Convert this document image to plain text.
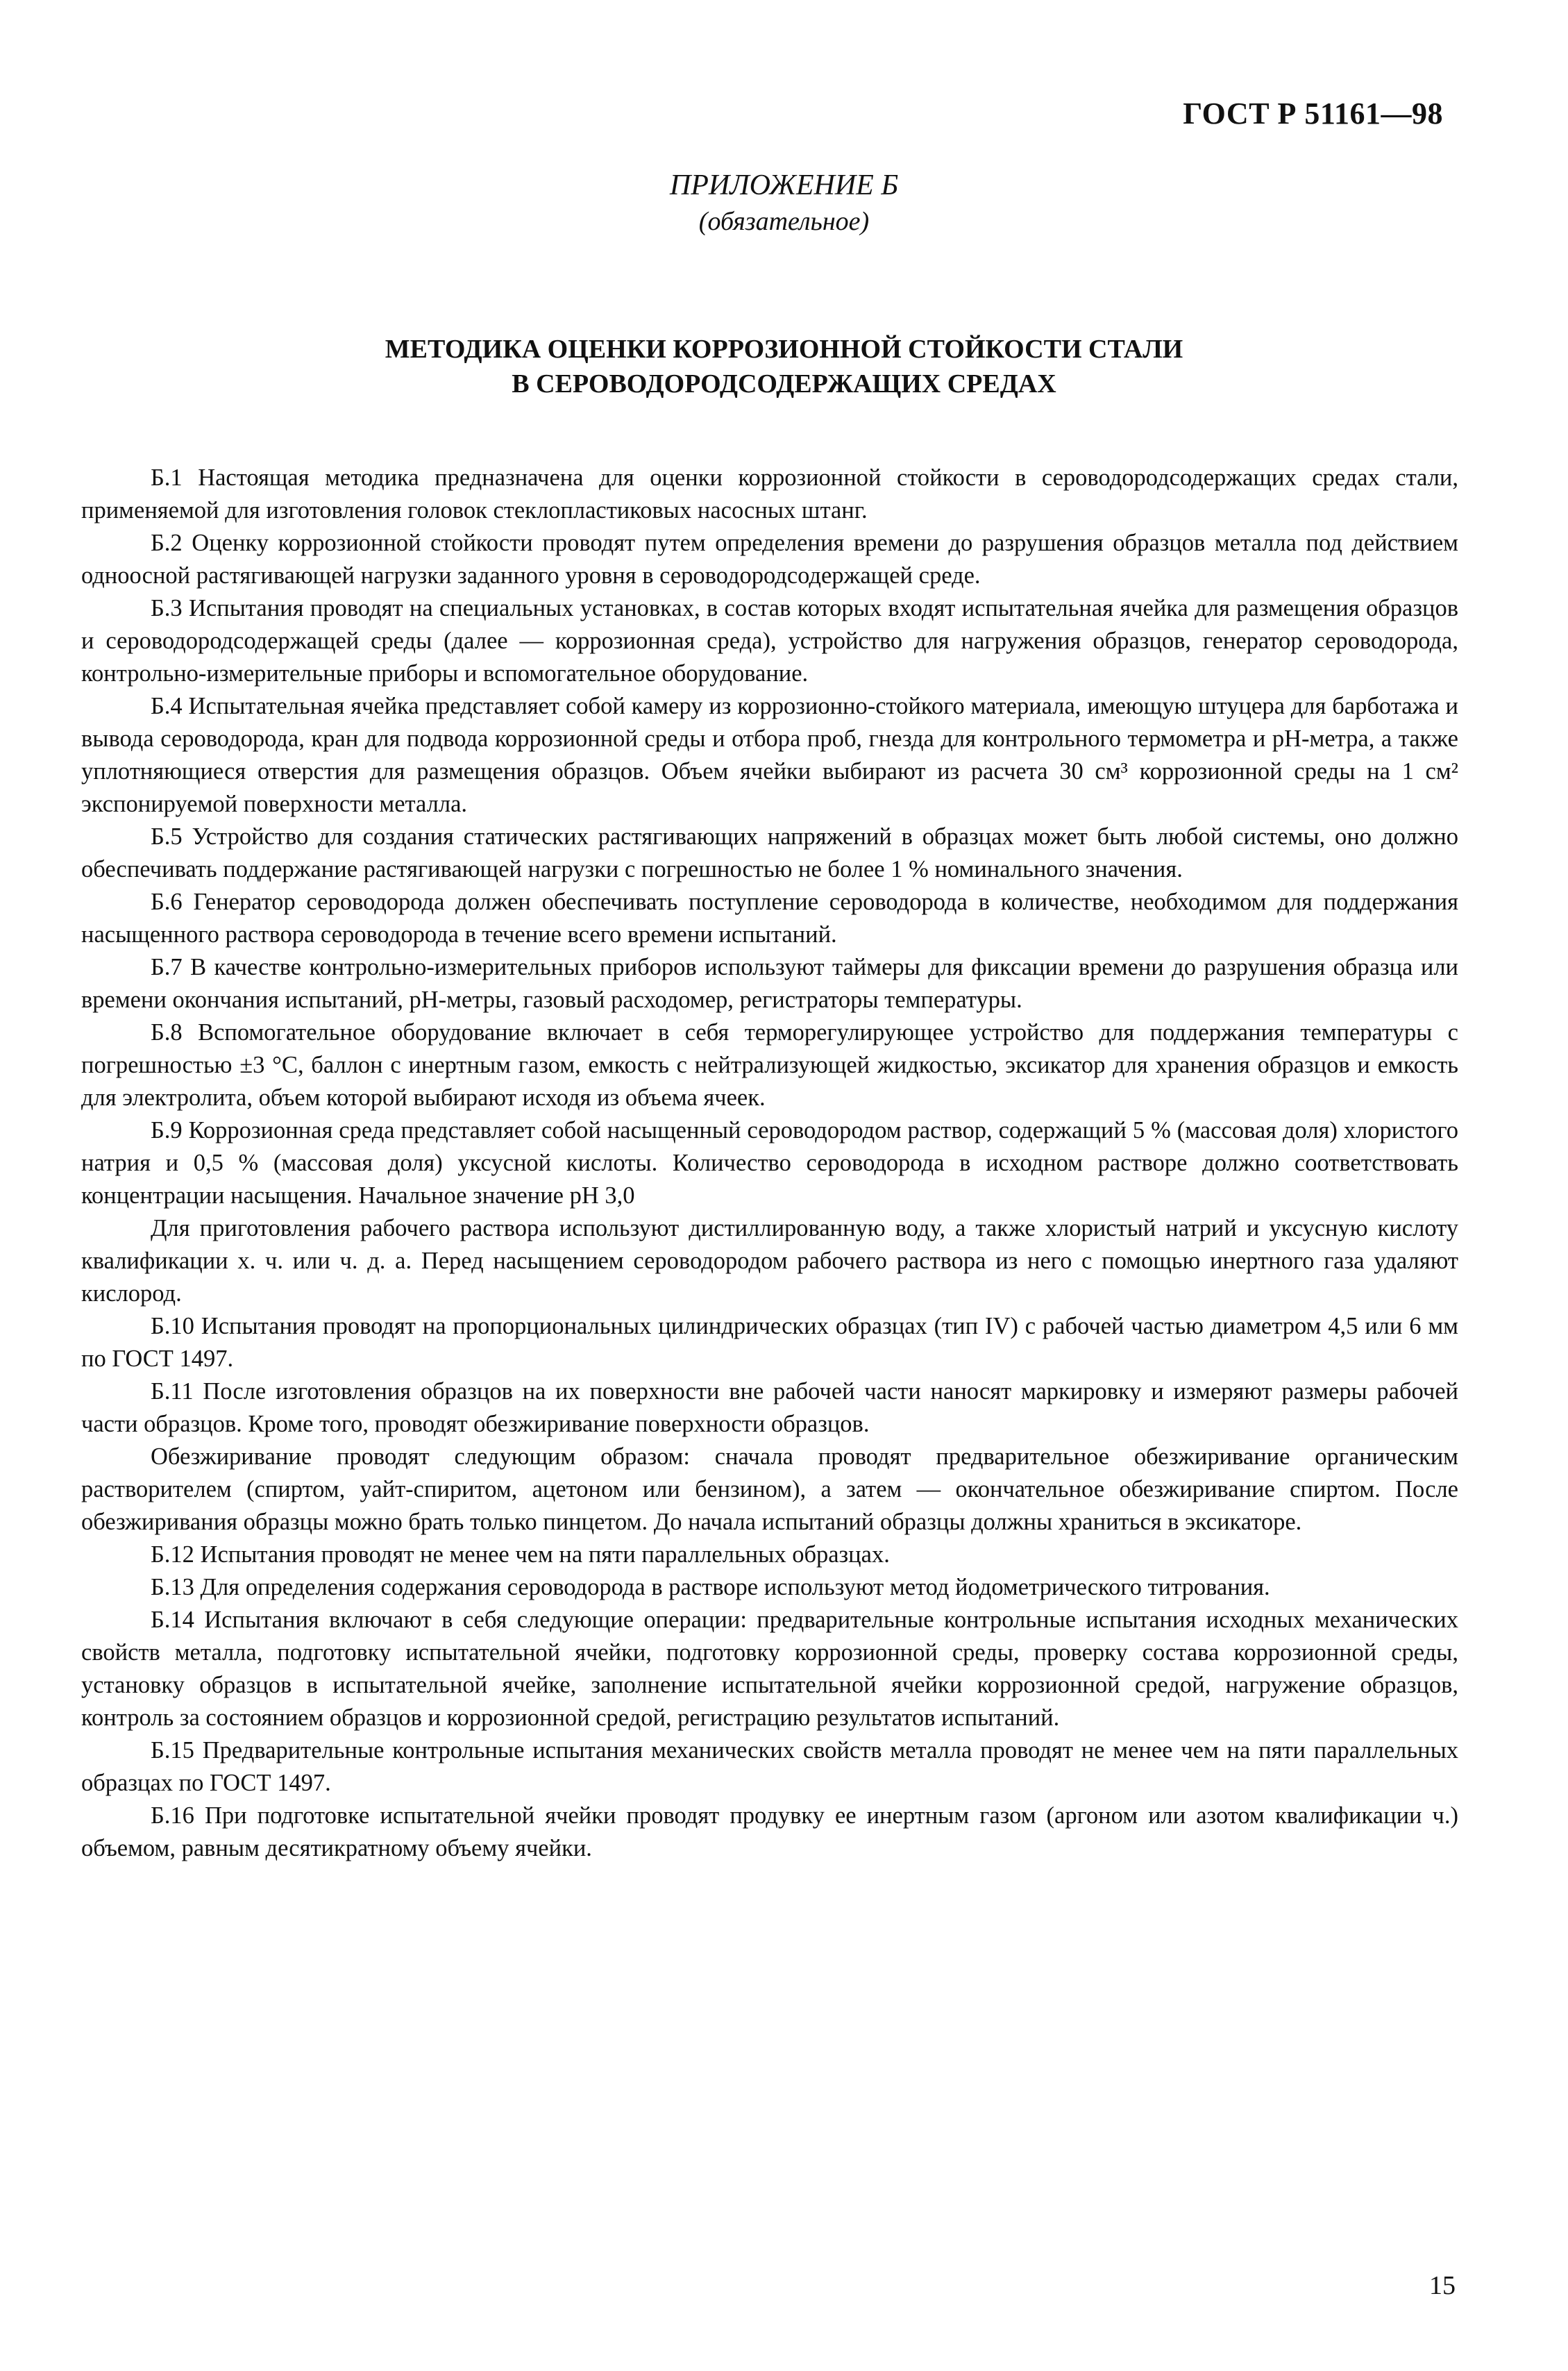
ГОСТ Р 51161—98
ПРИЛОЖЕНИЕ Б
(обязательное)
МЕТОДИКА ОЦЕНКИ КОРРОЗИОННОЙ СТОЙКОСТИ СТАЛИ
В СЕРОВОДОРОДСОДЕРЖАЩИХ СРЕДАХ

Б.1 Настоящая методика предназначена для оценки коррозионной стойкости в сероводородсодержащих средах стали, применяемой для изготовления головок стеклопластиковых насосных штанг.

Б.2 Оценку коррозионной стойкости проводят путем определения времени до разрушения образцов металла под действием одноосной растягивающей нагрузки заданного уровня в сероводородсодержащей среде.

Б.3 Испытания проводят на специальных установках, в состав которых входят испытательная ячейка для размещения образцов и сероводородсодержащей среды (далее — коррозионная среда), устройство для нагружения образцов, генератор сероводорода, контрольно-измерительные приборы и вспомогательное оборудование.

Б.4 Испытательная ячейка представляет собой камеру из коррозионно-стойкого материала, имеющую штуцера для барботажа и вывода сероводорода, кран для подвода коррозионной среды и отбора проб, гнезда для контрольного термометра и pH-метра, а также уплотняющиеся отверстия для размещения образцов. Объем ячейки выбирают из расчета 30 см³ коррозионной среды на 1 см² экспонируемой поверхности металла.

Б.5 Устройство для создания статических растягивающих напряжений в образцах может быть любой системы, оно должно обеспечивать поддержание растягивающей нагрузки с погрешностью не более 1 % номинального значения.

Б.6 Генератор сероводорода должен обеспечивать поступление сероводорода в количестве, необходимом для поддержания насыщенного раствора сероводорода в течение всего времени испытаний.

Б.7 В качестве контрольно-измерительных приборов используют таймеры для фиксации времени до разрушения образца или времени окончания испытаний, pH-метры, газовый расходомер, регистраторы температуры.

Б.8 Вспомогательное оборудование включает в себя терморегулирующее устройство для поддержания температуры с погрешностью ±3 °С, баллон с инертным газом, емкость с нейтрализующей жидкостью, эксикатор для хранения образцов и емкость для электролита, объем которой выбирают исходя из объема ячеек.

Б.9 Коррозионная среда представляет собой насыщенный сероводородом раствор, содержащий 5 % (массовая доля) хлористого натрия и 0,5 % (массовая доля) уксусной кислоты. Количество сероводорода в исходном растворе должно соответствовать концентрации насыщения. Начальное значение pH 3,0

Для приготовления рабочего раствора используют дистиллированную воду, а также хлористый натрий и уксусную кислоту квалификации х. ч. или ч. д. а. Перед насыщением сероводородом рабочего раствора из него с помощью инертного газа удаляют кислород.

Б.10 Испытания проводят на пропорциональных цилиндрических образцах (тип IV) с рабочей частью диаметром 4,5 или 6 мм по ГОСТ 1497.

Б.11 После изготовления образцов на их поверхности вне рабочей части наносят маркировку и измеряют размеры рабочей части образцов. Кроме того, проводят обезжиривание поверхности образцов.

Обезжиривание проводят следующим образом: сначала проводят предварительное обезжиривание органическим растворителем (спиртом, уайт-спиритом, ацетоном или бензином), а затем — окончательное обезжиривание спиртом. После обезжиривания образцы можно брать только пинцетом. До начала испытаний образцы должны храниться в эксикаторе.

Б.12 Испытания проводят не менее чем на пяти параллельных образцах.

Б.13 Для определения содержания сероводорода в растворе используют метод йодометрического титрования.

Б.14 Испытания включают в себя следующие операции: предварительные контрольные испытания исходных механических свойств металла, подготовку испытательной ячейки, подготовку коррозионной среды, проверку состава коррозионной среды, установку образцов в испытательной ячейке, заполнение испытательной ячейки коррозионной средой, нагружение образцов, контроль за состоянием образцов и коррозионной средой, регистрацию результатов испытаний.

Б.15 Предварительные контрольные испытания механических свойств металла проводят не менее чем на пяти параллельных образцах по ГОСТ 1497.

Б.16 При подготовке испытательной ячейки проводят продувку ее инертным газом (аргоном или азотом квалификации ч.) объемом, равным десятикратному объему ячейки.

15
